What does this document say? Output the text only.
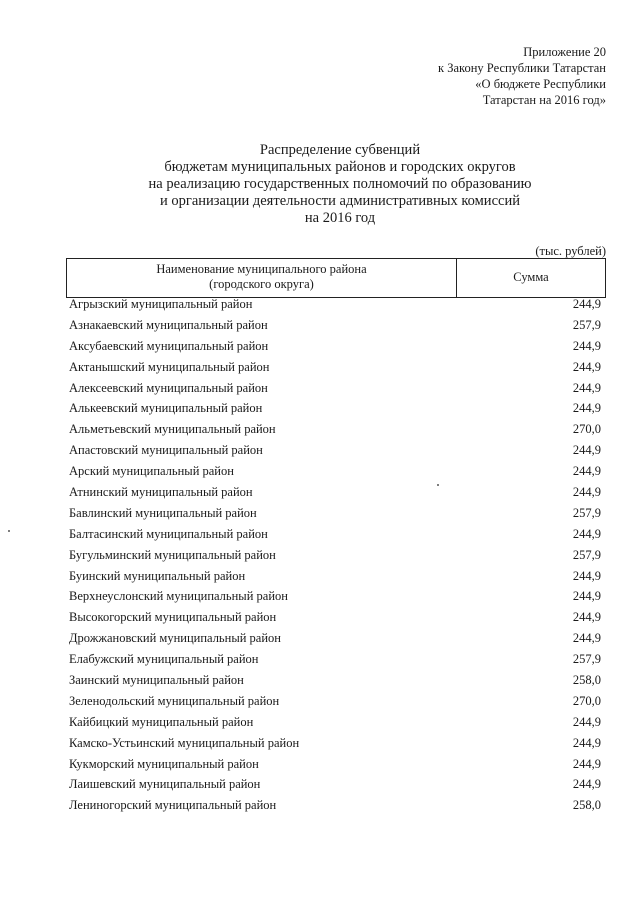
Приложение 20
к Закону Республики Татарстан
«О бюджете Республики
Татарстан на 2016 год»
Распределение субвенций
бюджетам муниципальных районов и городских округов
на реализацию государственных полномочий по образованию
и организации деятельности административных комиссий
на 2016 год
(тыс. рублей)
Наименование муниципального района
(городского округа)
	Сумма
Агрызский муниципальный район	244,9
Азнакаевский муниципальный район	257,9
Аксубаевский муниципальный район	244,9
Актанышский муниципальный район	244,9
Алексеевский муниципальный район	244,9
Алькеевский муниципальный район	244,9
Альметьевский муниципальный район	270,0
Апастовский муниципальный район	244,9
Арский муниципальный район	244,9
Атнинский муниципальный район	244,9
Бавлинский муниципальный район	257,9
Балтасинский муниципальный район	244,9
Бугульминский муниципальный район	257,9
Буинский муниципальный район	244,9
Верхнеуслонский муниципальный район	244,9
Высокогорский муниципальный район	244,9
Дрожжановский муниципальный район	244,9
Елабужский муниципальный район	257,9
Заинский муниципальный район	258,0
Зеленодольский муниципальный район	270,0
Кайбицкий муниципальный район	244,9
Камско-Устьинский муниципальный район	244,9
Кукморский муниципальный район	244,9
Лаишевский муниципальный район	244,9
Лениногорский муниципальный район	258,0
